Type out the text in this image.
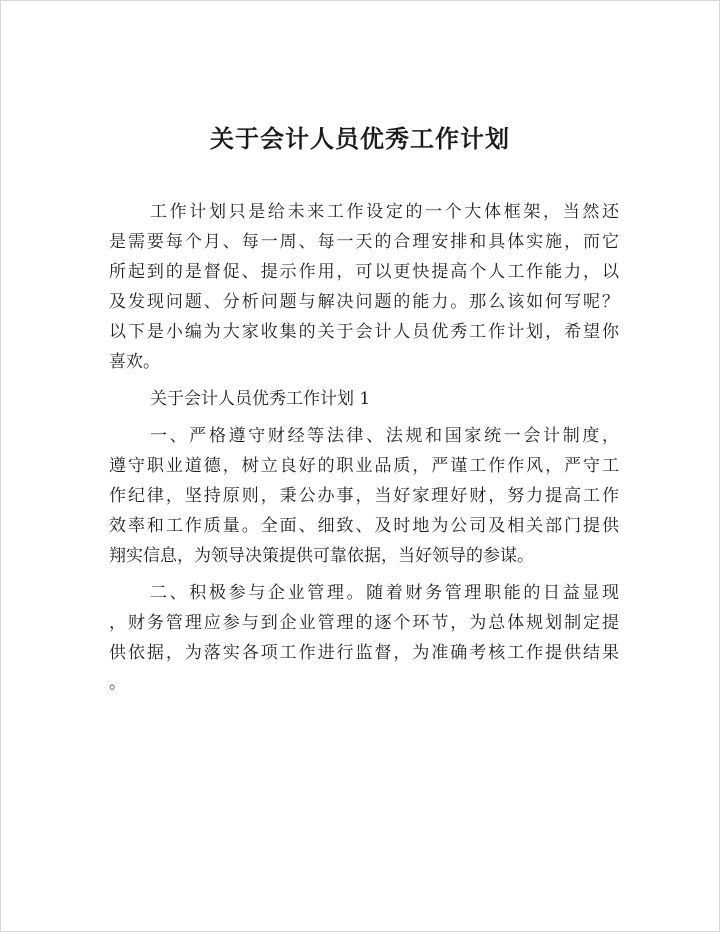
关于会计人员优秀工作计划
工作计划只是给未来工作设定的一个大体框架，当然还
是需要每个月、每一周、每一天的合理安排和具体实施，而它
所起到的是督促、提示作用，可以更快提高个人工作能力，以
及发现问题、分析问题与解决问题的能力。那么该如何写呢？
以下是小编为大家收集的关于会计人员优秀工作计划，希望你
喜欢。
关于会计人员优秀工作计划 1
一、严格遵守财经等法律、法规和国家统一会计制度，
遵守职业道德，树立良好的职业品质，严谨工作作风，严守工
作纪律，坚持原则，秉公办事，当好家理好财，努力提高工作
效率和工作质量。全面、细致、及时地为公司及相关部门提供
翔实信息，为领导决策提供可靠依据，当好领导的参谋。
二、积极参与企业管理。随着财务管理职能的日益显现
，财务管理应参与到企业管理的逐个环节，为总体规划制定提
供依据，为落实各项工作进行监督，为准确考核工作提供结果
。
